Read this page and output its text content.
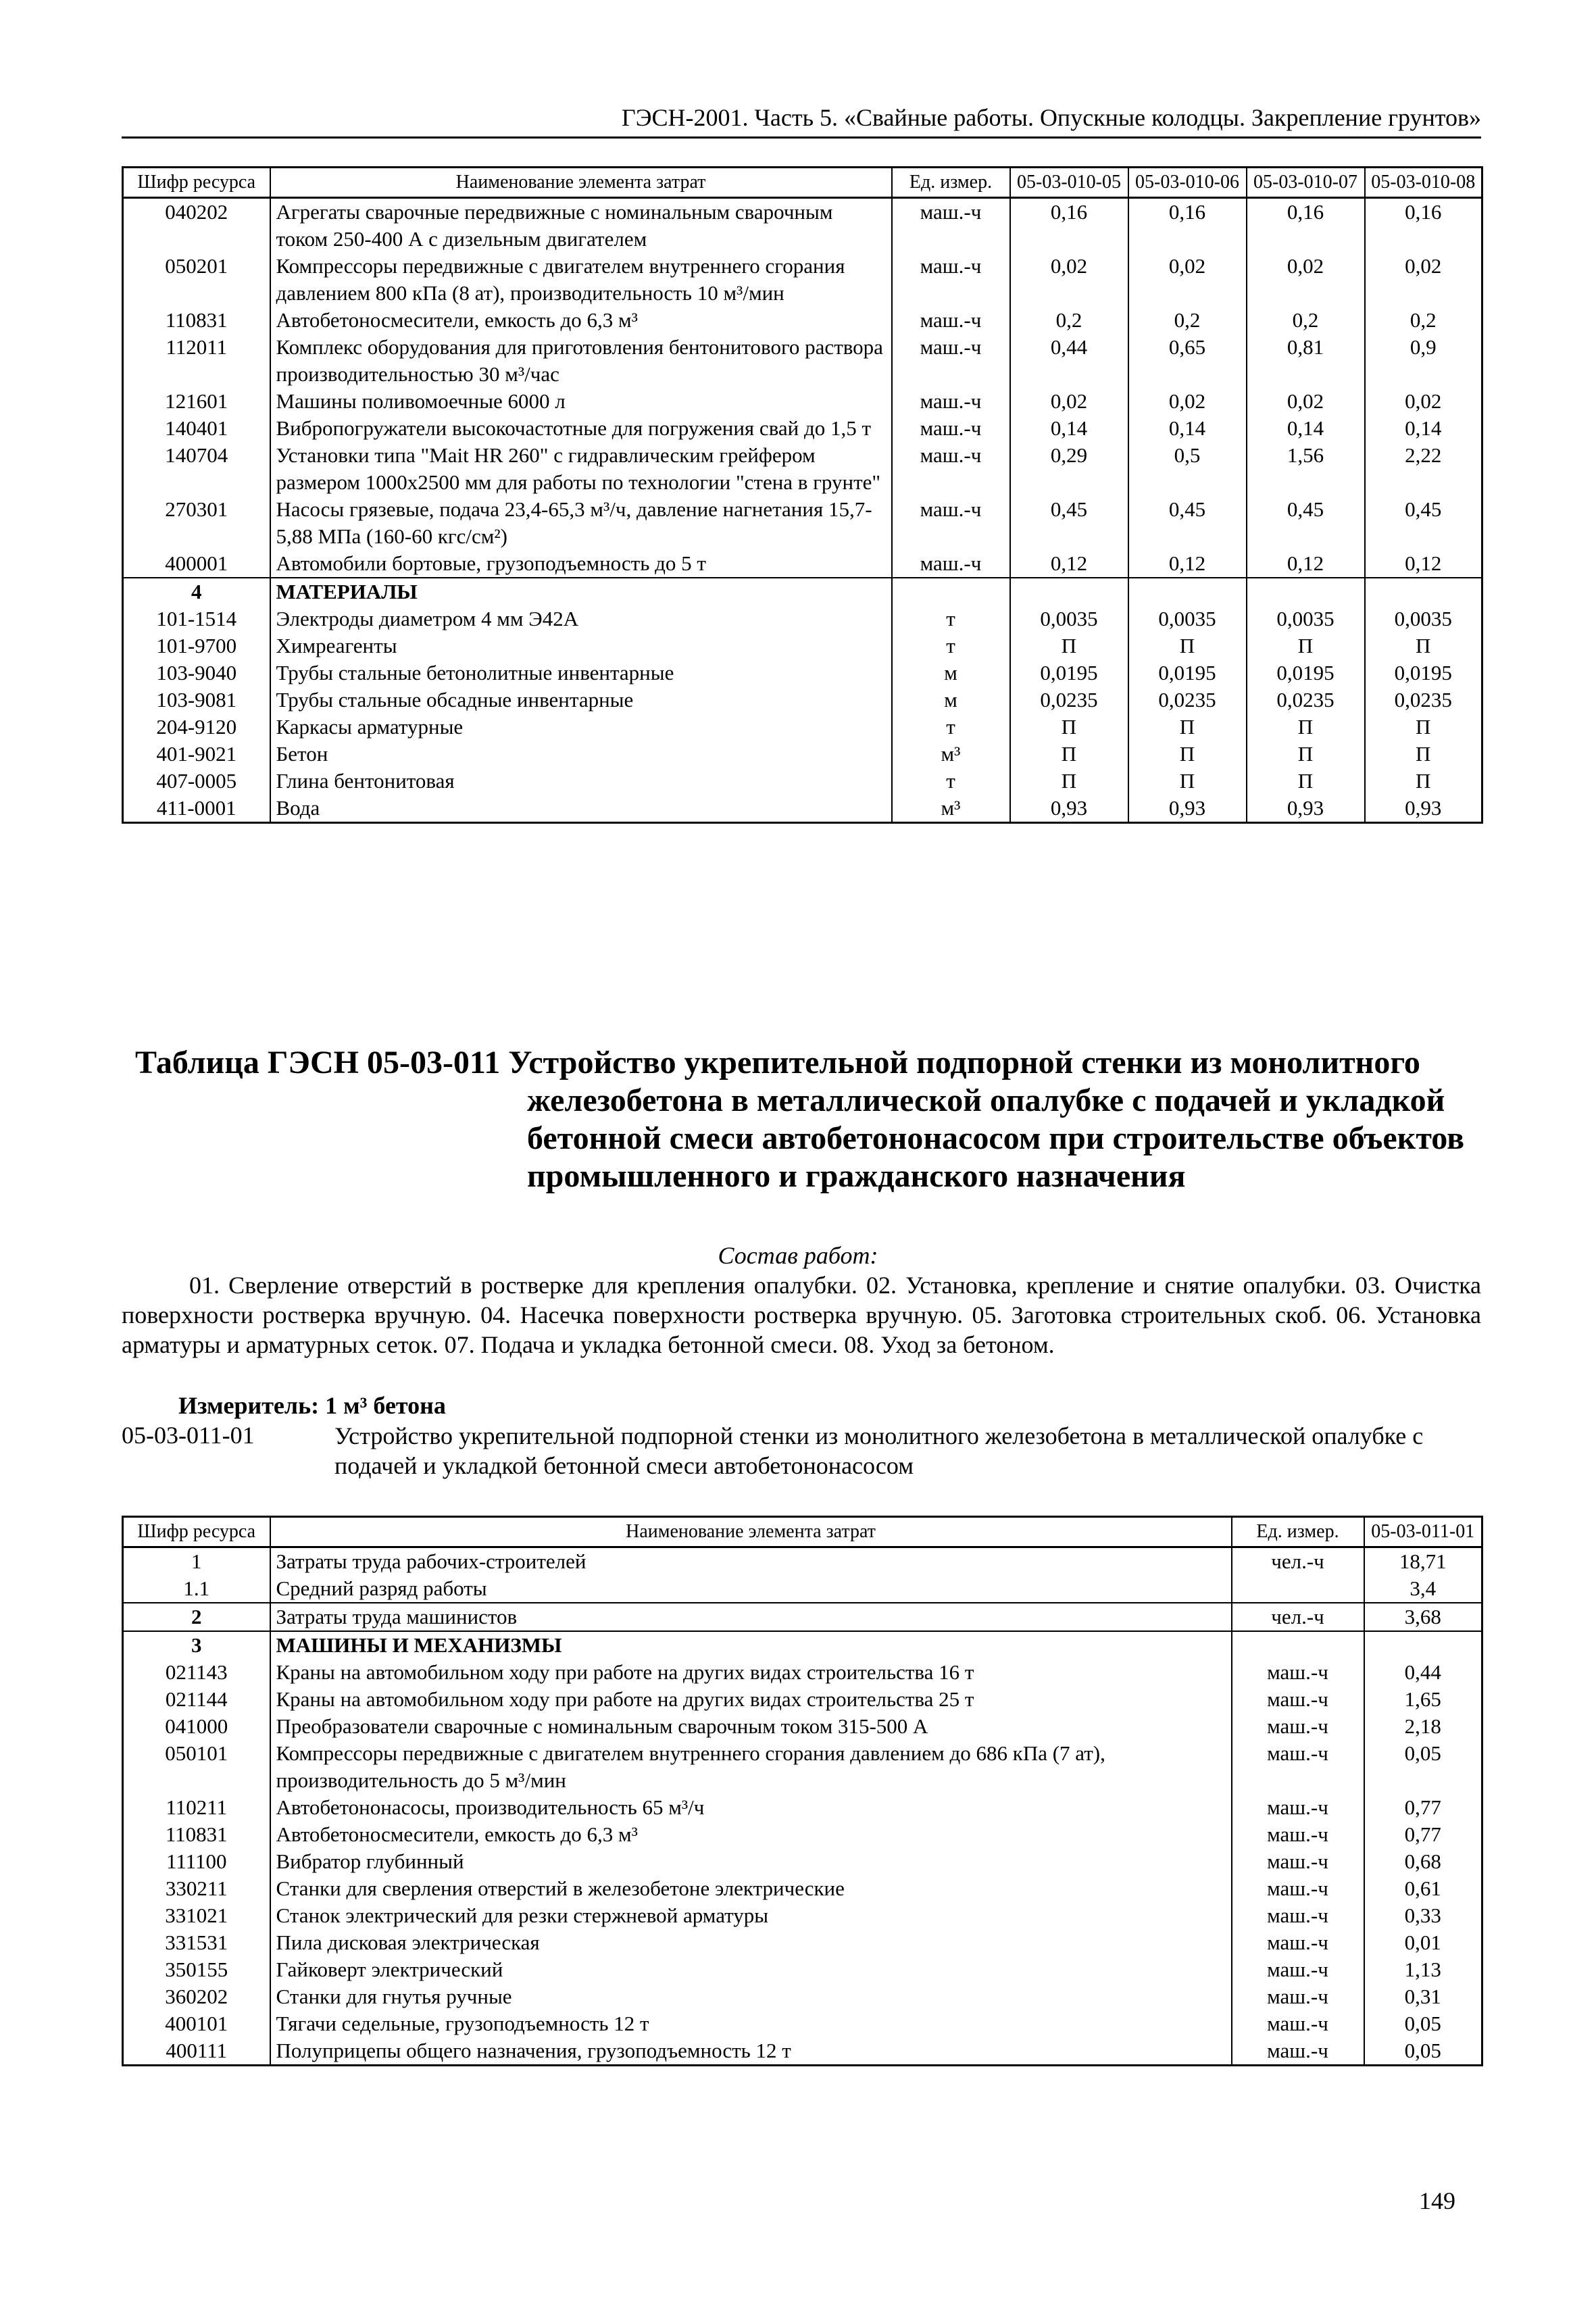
ГЭСН-2001. Часть 5. «Свайные работы. Опускные колодцы. Закрепление грунтов»
Шифр ресурса	Наименование элемента затрат	Ед. измер.	05-03-010-05	05-03-010-06	05-03-010-07	05-03-010-08
040202	Агрегаты сварочные передвижные с номинальным сварочным током 250-400 А с дизельным двигателем	маш.-ч	0,16	0,16	0,16	0,16
050201	Компрессоры передвижные с двигателем внутреннего сгорания давлением 800 кПа (8 ат), производительность 10 м³/мин	маш.-ч	0,02	0,02	0,02	0,02
110831	Автобетоносмесители, емкость до 6,3 м³	маш.-ч	0,2	0,2	0,2	0,2
112011	Комплекс оборудования для приготовления бентонитового раствора производительностью 30 м³/час	маш.-ч	0,44	0,65	0,81	0,9
121601	Машины поливомоечные 6000 л	маш.-ч	0,02	0,02	0,02	0,02
140401	Вибропогружатели высокочастотные для погружения свай до 1,5 т	маш.-ч	0,14	0,14	0,14	0,14
140704	Установки типа "Mait HR 260" с гидравлическим грейфером размером 1000х2500 мм для работы по технологии "стена в грунте"	маш.-ч	0,29	0,5	1,56	2,22
270301	Насосы грязевые, подача 23,4-65,3 м³/ч, давление нагнетания 15,7-5,88 МПа (160-60 кгс/см²)	маш.-ч	0,45	0,45	0,45	0,45
400001	Автомобили бортовые, грузоподъемность до 5 т	маш.-ч	0,12	0,12	0,12	0,12
4	МАТЕРИАЛЫ					
101-1514	Электроды диаметром 4 мм Э42А	т	0,0035	0,0035	0,0035	0,0035
101-9700	Химреагенты	т	П	П	П	П
103-9040	Трубы стальные бетонолитные инвентарные	м	0,0195	0,0195	0,0195	0,0195
103-9081	Трубы стальные обсадные инвентарные	м	0,0235	0,0235	0,0235	0,0235
204-9120	Каркасы арматурные	т	П	П	П	П
401-9021	Бетон	м³	П	П	П	П
407-0005	Глина бентонитовая	т	П	П	П	П
411-0001	Вода	м³	0,93	0,93	0,93	0,93
Таблица ГЭСН 05-03-011 Устройство укрепительной подпорной стенки из монолитного
железобетона в металлической опалубке с подачей и укладкой бетонной смеси автобетононасосом при строительстве объектов промышленного и гражданского назначения
Состав работ:
01. Сверление отверстий в ростверке для крепления опалубки. 02. Установка, крепление и снятие опалубки. 03. Очистка поверхности ростверка вручную. 04. Насечка поверхности ростверка вручную. 05. Заготовка строительных скоб. 06. Установка арматуры и арматурных сеток. 07. Подача и укладка бетонной смеси. 08. Уход за бетоном.
Измеритель: 1 м³ бетона
05-03-011-01	Устройство укрепительной подпорной стенки из монолитного железобетона в металлической опалубке с подачей и укладкой бетонной смеси автобетононасосом
Шифр ресурса	Наименование элемента затрат	Ед. измер.	05-03-011-01
1	Затраты труда рабочих-строителей	чел.-ч	18,71
1.1	Средний разряд работы		3,4
2	Затраты труда машинистов	чел.-ч	3,68
3	МАШИНЫ И МЕХАНИЗМЫ		
021143	Краны на автомобильном ходу при работе на других видах строительства 16 т	маш.-ч	0,44
021144	Краны на автомобильном ходу при работе на других видах строительства 25 т	маш.-ч	1,65
041000	Преобразователи сварочные с номинальным сварочным током 315-500 А	маш.-ч	2,18
050101	Компрессоры передвижные с двигателем внутреннего сгорания давлением до 686 кПа (7 ат), производительность до 5 м³/мин	маш.-ч	0,05
110211	Автобетононасосы, производительность 65 м³/ч	маш.-ч	0,77
110831	Автобетоносмесители, емкость до 6,3 м³	маш.-ч	0,77
111100	Вибратор глубинный	маш.-ч	0,68
330211	Станки для сверления отверстий в железобетоне электрические	маш.-ч	0,61
331021	Станок электрический для резки стержневой арматуры	маш.-ч	0,33
331531	Пила дисковая электрическая	маш.-ч	0,01
350155	Гайковерт электрический	маш.-ч	1,13
360202	Станки для гнутья ручные	маш.-ч	0,31
400101	Тягачи седельные, грузоподъемность 12 т	маш.-ч	0,05
400111	Полуприцепы общего назначения, грузоподъемность 12 т	маш.-ч	0,05
149
